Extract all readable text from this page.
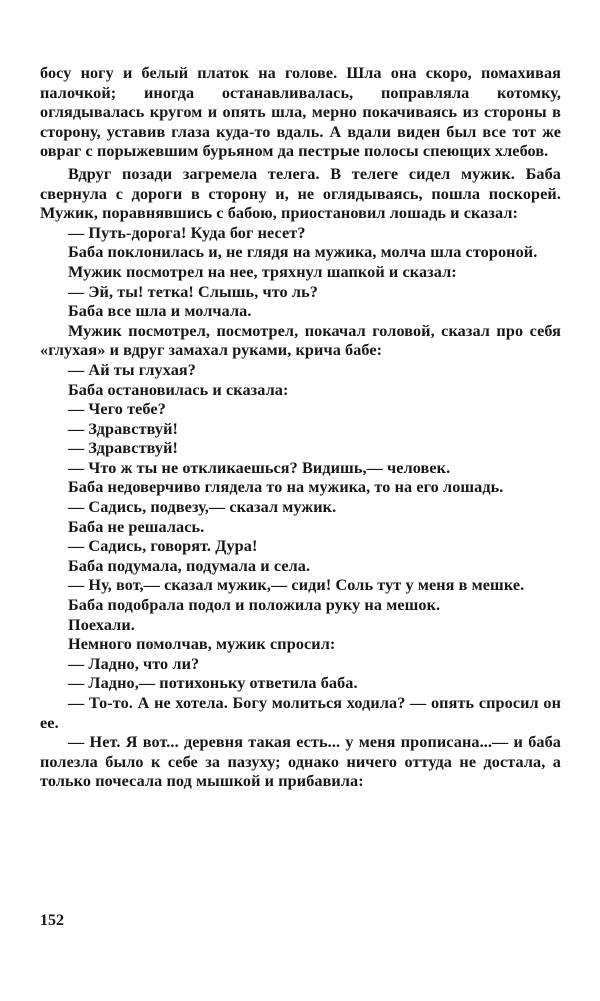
босу ногу и белый платок на голове. Шла она скоро, помахивая палочкой; иногда останавливалась, поправляла котомку, оглядывалась кругом и опять шла, мерно покачиваясь из стороны в сторону, уставив глаза куда-то вдаль. А вдали виден был все тот же овраг с порыжевшим бурьяном да пестрые полосы спеющих хлебов.

Вдруг позади загремела телега. В телеге сидел мужик. Баба свернула с дороги в сторону и, не оглядываясь, пошла поскорей. Мужик, поравнявшись с бабою, приостановил лошадь и сказал:

— Путь-дорога! Куда бог несет?

Баба поклонилась и, не глядя на мужика, молча шла стороной.

Мужик посмотрел на нее, тряхнул шапкой и сказал:

— Эй, ты! тетка! Слышь, что ль?

Баба все шла и молчала.

Мужик посмотрел, посмотрел, покачал головой, сказал про себя «глухая» и вдруг замахал руками, крича бабе:

— Ай ты глухая?

Баба остановилась и сказала:

— Чего тебе?

— Здравствуй!

— Здравствуй!

— Что ж ты не откликаешься? Видишь,— человек.

Баба недоверчиво глядела то на мужика, то на его лошадь.

— Садись, подвезу,— сказал мужик.

Баба не решалась.

— Садись, говорят. Дура!

Баба подумала, подумала и села.

— Ну, вот,— сказал мужик,— сиди! Соль тут у меня в мешке.

Баба подобрала подол и положила руку на мешок.

Поехали.

Немного помолчав, мужик спросил:

— Ладно, что ли?

— Ладно,— потихоньку ответила баба.

— То-то. А не хотела. Богу молиться ходила? — опять спросил он ее.

— Нет. Я вот... деревня такая есть... у меня прописана...— и баба полезла было к себе за пазуху; однако ничего оттуда не достала, а только почесала под мышкой и прибавила:

152
